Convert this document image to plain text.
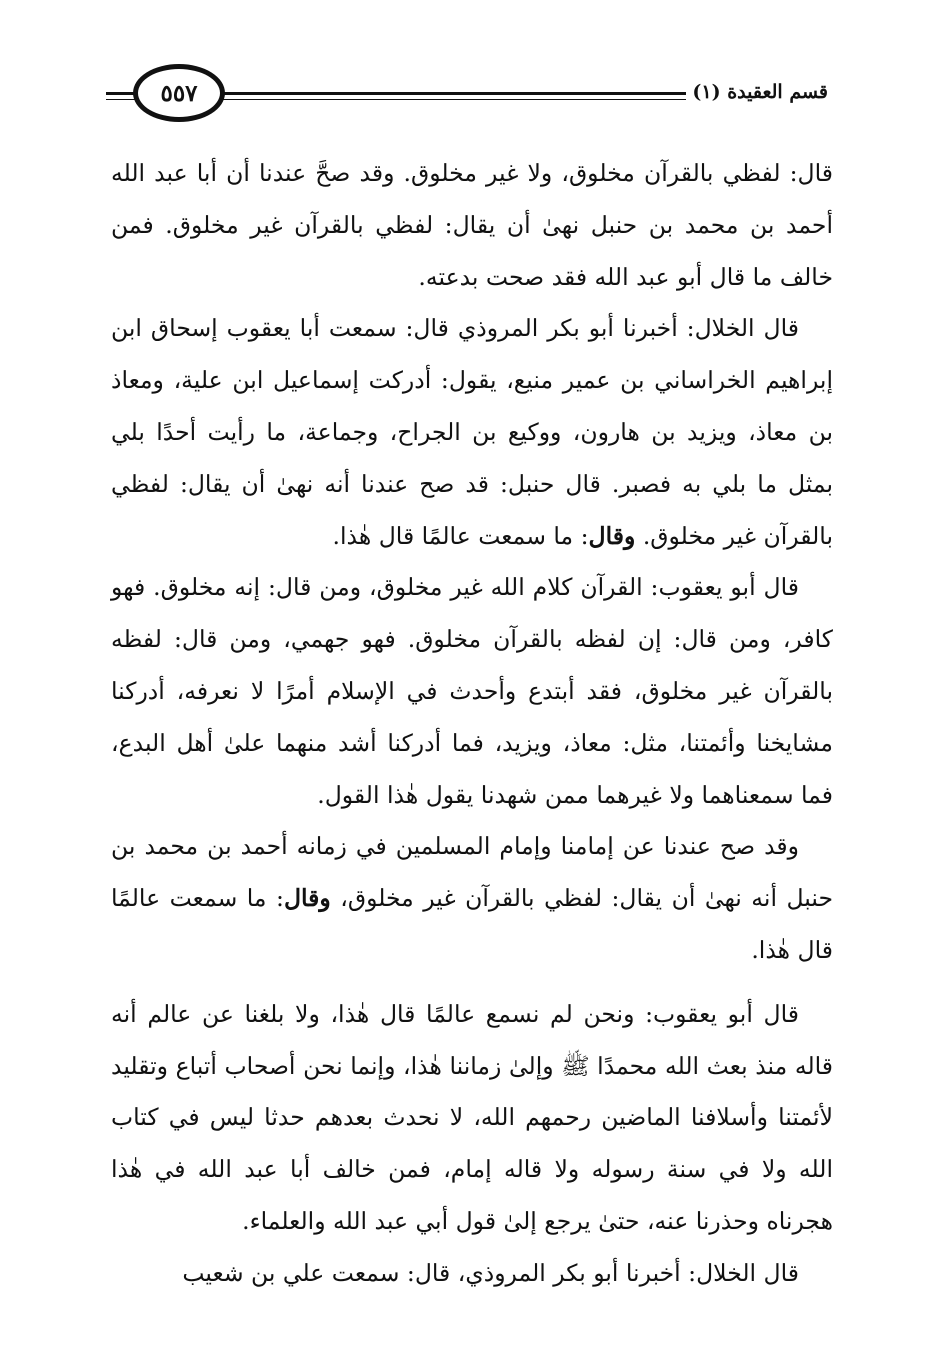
قسم العقيدة (١)
٥٥٧

قال: لفظي بالقرآن مخلوق، ولا غير مخلوق. وقد صحَّ عندنا أن أبا عبد الله أحمد بن محمد بن حنبل نهىٰ أن يقال: لفظي بالقرآن غير مخلوق. فمن خالف ما قال أبو عبد الله فقد صحت بدعته.

قال الخلال: أخبرنا أبو بكر المروذي قال: سمعت أبا يعقوب إسحاق ابن إبراهيم الخراساني بن عمير منيع، يقول: أدركت إسماعيل ابن علية، ومعاذ بن معاذ، ويزيد بن هارون، ووكيع بن الجراح، وجماعة، ما رأيت أحدًا بلي بمثل ما بلي به فصبر. قال حنبل: قد صح عندنا أنه نهىٰ أن يقال: لفظي بالقرآن غير مخلوق. وقال: ما سمعت عالمًا قال هٰذا.

قال أبو يعقوب: القرآن كلام الله غير مخلوق، ومن قال: إنه مخلوق. فهو كافر، ومن قال: إن لفظه بالقرآن مخلوق. فهو جهمي، ومن قال: لفظه بالقرآن غير مخلوق، فقد أبتدع وأحدث في الإسلام أمرًا لا نعرفه، أدركنا مشايخنا وأئمتنا، مثل: معاذ، ويزيد، فما أدركنا أشد منهما علىٰ أهل البدع، فما سمعناهما ولا غيرهما ممن شهدنا يقول هٰذا القول.

وقد صح عندنا عن إمامنا وإمام المسلمين في زمانه أحمد بن محمد بن حنبل أنه نهىٰ أن يقال: لفظي بالقرآن غير مخلوق، وقال: ما سمعت عالمًا قال هٰذا.

قال أبو يعقوب: ونحن لم نسمع عالمًا قال هٰذا، ولا بلغنا عن عالم أنه قاله منذ بعث الله محمدًا ﷺ وإلىٰ زماننا هٰذا، وإنما نحن أصحاب أتباع وتقليد لأئمتنا وأسلافنا الماضين رحمهم الله، لا نحدث بعدهم حدثا ليس في كتاب الله ولا في سنة رسوله ولا قاله إمام، فمن خالف أبا عبد الله في هٰذا هجرناه وحذرنا عنه، حتىٰ يرجع إلىٰ قول أبي عبد الله والعلماء.

قال الخلال: أخبرنا أبو بكر المروذي، قال: سمعت علي بن شعيب
